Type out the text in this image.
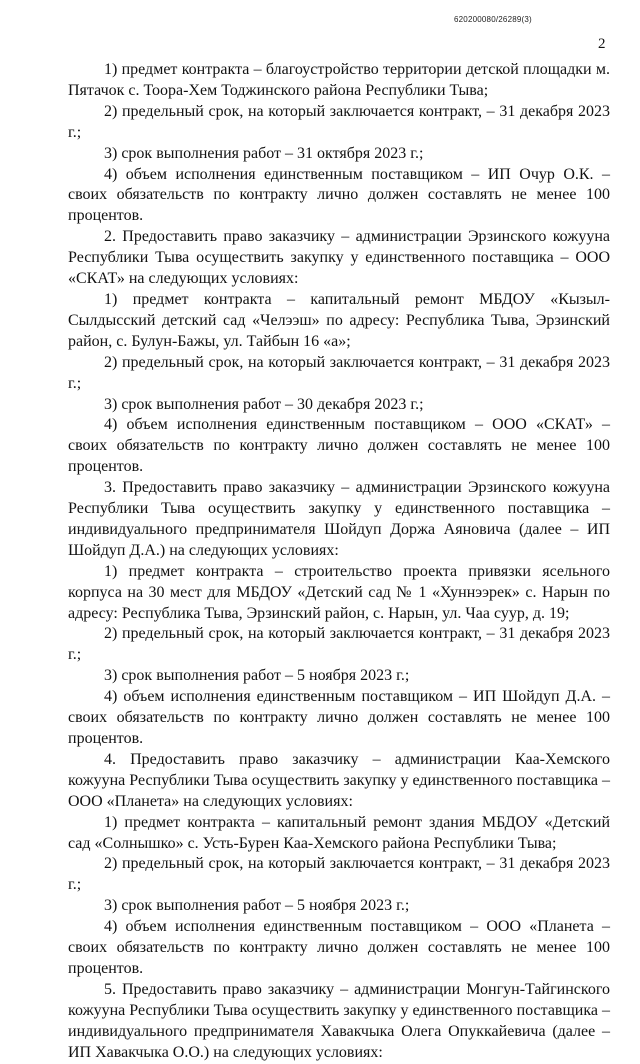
620200080/26289(3)
2

1) предмет контракта – благоустройство территории детской площадки м. Пятачок с. Тоора-Хем Тоджинского района Республики Тыва;

2) предельный срок, на который заключается контракт, – 31 декабря 2023 г.;

3) срок выполнения работ – 31 октября 2023 г.;

4) объем исполнения единственным поставщиком – ИП Очур О.К. – своих обязательств по контракту лично должен составлять не менее 100 процентов.

2. Предоставить право заказчику – администрации Эрзинского кожууна Республики Тыва осуществить закупку у единственного поставщика – ООО «СКАТ» на следующих условиях:

1) предмет контракта – капитальный ремонт МБДОУ «Кызыл-Сылдысский детский сад «Челээш» по адресу: Республика Тыва, Эрзинский район, с. Булун-Бажы, ул. Тайбын 16 «а»;

2) предельный срок, на который заключается контракт, – 31 декабря 2023 г.;

3) срок выполнения работ – 30 декабря 2023 г.;

4) объем исполнения единственным поставщиком – ООО «СКАТ» – своих обязательств по контракту лично должен составлять не менее 100 процентов.

3. Предоставить право заказчику – администрации Эрзинского кожууна Республики Тыва осуществить закупку у единственного поставщика – индивидуального предпринимателя Шойдуп Доржа Аяновича (далее – ИП Шойдуп Д.А.) на следующих условиях:

1) предмет контракта – строительство проекта привязки ясельного корпуса на 30 мест для МБДОУ «Детский сад № 1 «Хуннээрек» с. Нарын по адресу: Республика Тыва, Эрзинский район, с. Нарын, ул. Чаа суур, д. 19;

2) предельный срок, на который заключается контракт, – 31 декабря 2023 г.;

3) срок выполнения работ – 5 ноября 2023 г.;

4) объем исполнения единственным поставщиком – ИП Шойдуп Д.А. – своих обязательств по контракту лично должен составлять не менее 100 процентов.

4. Предоставить право заказчику – администрации Каа-Хемского кожууна Республики Тыва осуществить закупку у единственного поставщика – ООО «Планета» на следующих условиях:

1) предмет контракта – капитальный ремонт здания МБДОУ «Детский сад «Солнышко» с. Усть-Бурен Каа-Хемского района Республики Тыва;

2) предельный срок, на который заключается контракт, – 31 декабря 2023 г.;

3) срок выполнения работ – 5 ноября 2023 г.;

4) объем исполнения единственным поставщиком – ООО «Планета – своих обязательств по контракту лично должен составлять не менее 100 процентов.

5. Предоставить право заказчику – администрации Монгун-Тайгинского кожууна Республики Тыва осуществить закупку у единственного поставщика – индивидуального предпринимателя Хавакчыка Олега Опуккайевича (далее – ИП Хавакчыка О.О.) на следующих условиях:
